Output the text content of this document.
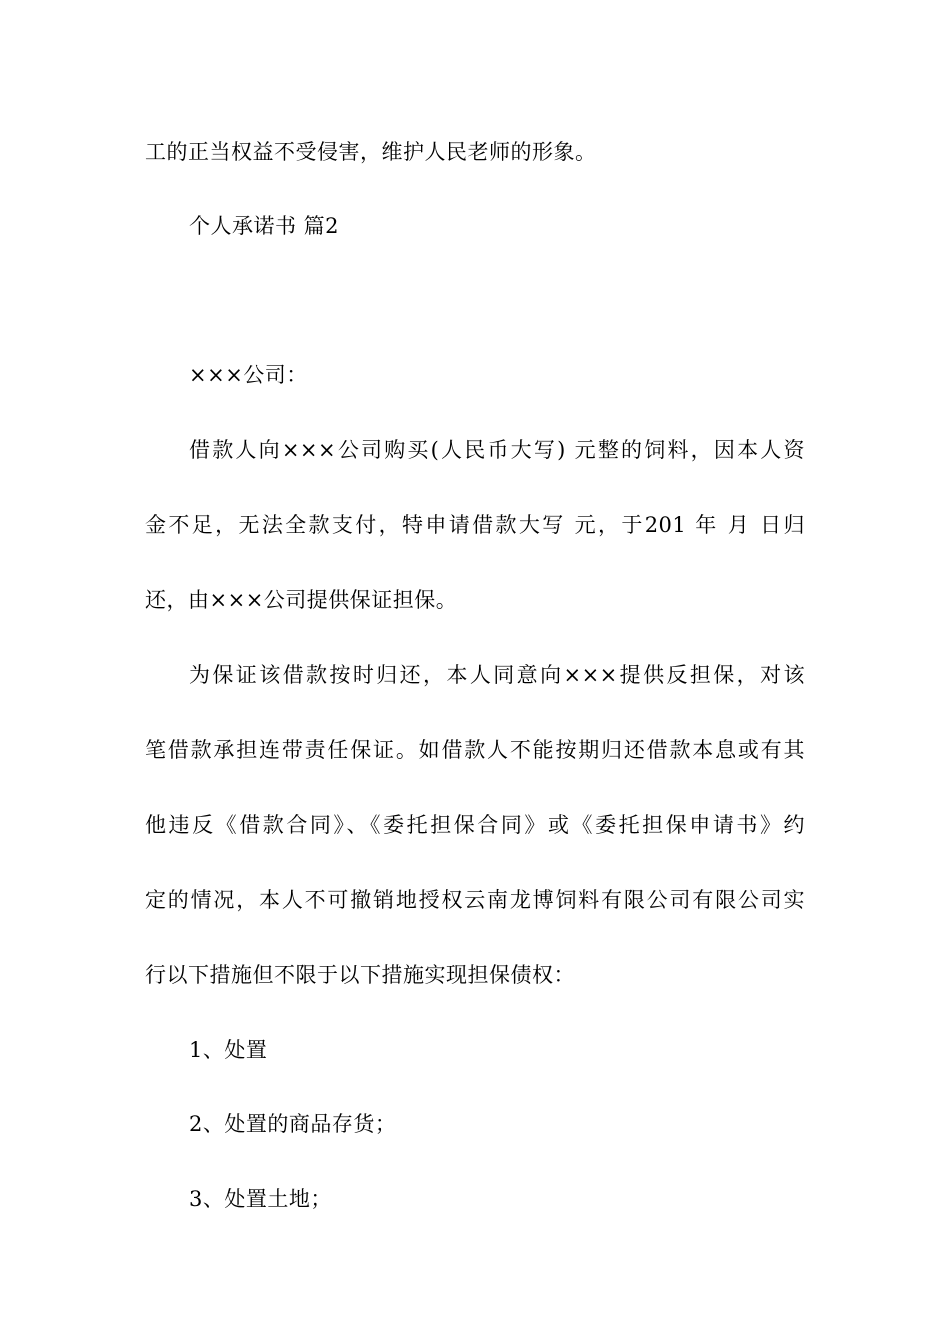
工的正当权益不受侵害，维护人民老师的形象。
个人承诺书 篇2
×××公司：
借款人向×××公司购买(人民币大写) 元整的饲料，因本人资
金不足，无法全款支付，特申请借款大写 元，于201 年 月 日归
还，由×××公司提供保证担保。
为保证该借款按时归还，本人同意向×××提供反担保，对该
笔借款承担连带责任保证。如借款人不能按期归还借款本息或有其
他违反《借款合同》、《委托担保合同》或《委托担保申请书》约
定的情况，本人不可撤销地授权云南龙博饲料有限公司有限公司实
行以下措施但不限于以下措施实现担保债权：
1、处置
2、处置的商品存货；
3、处置土地；
